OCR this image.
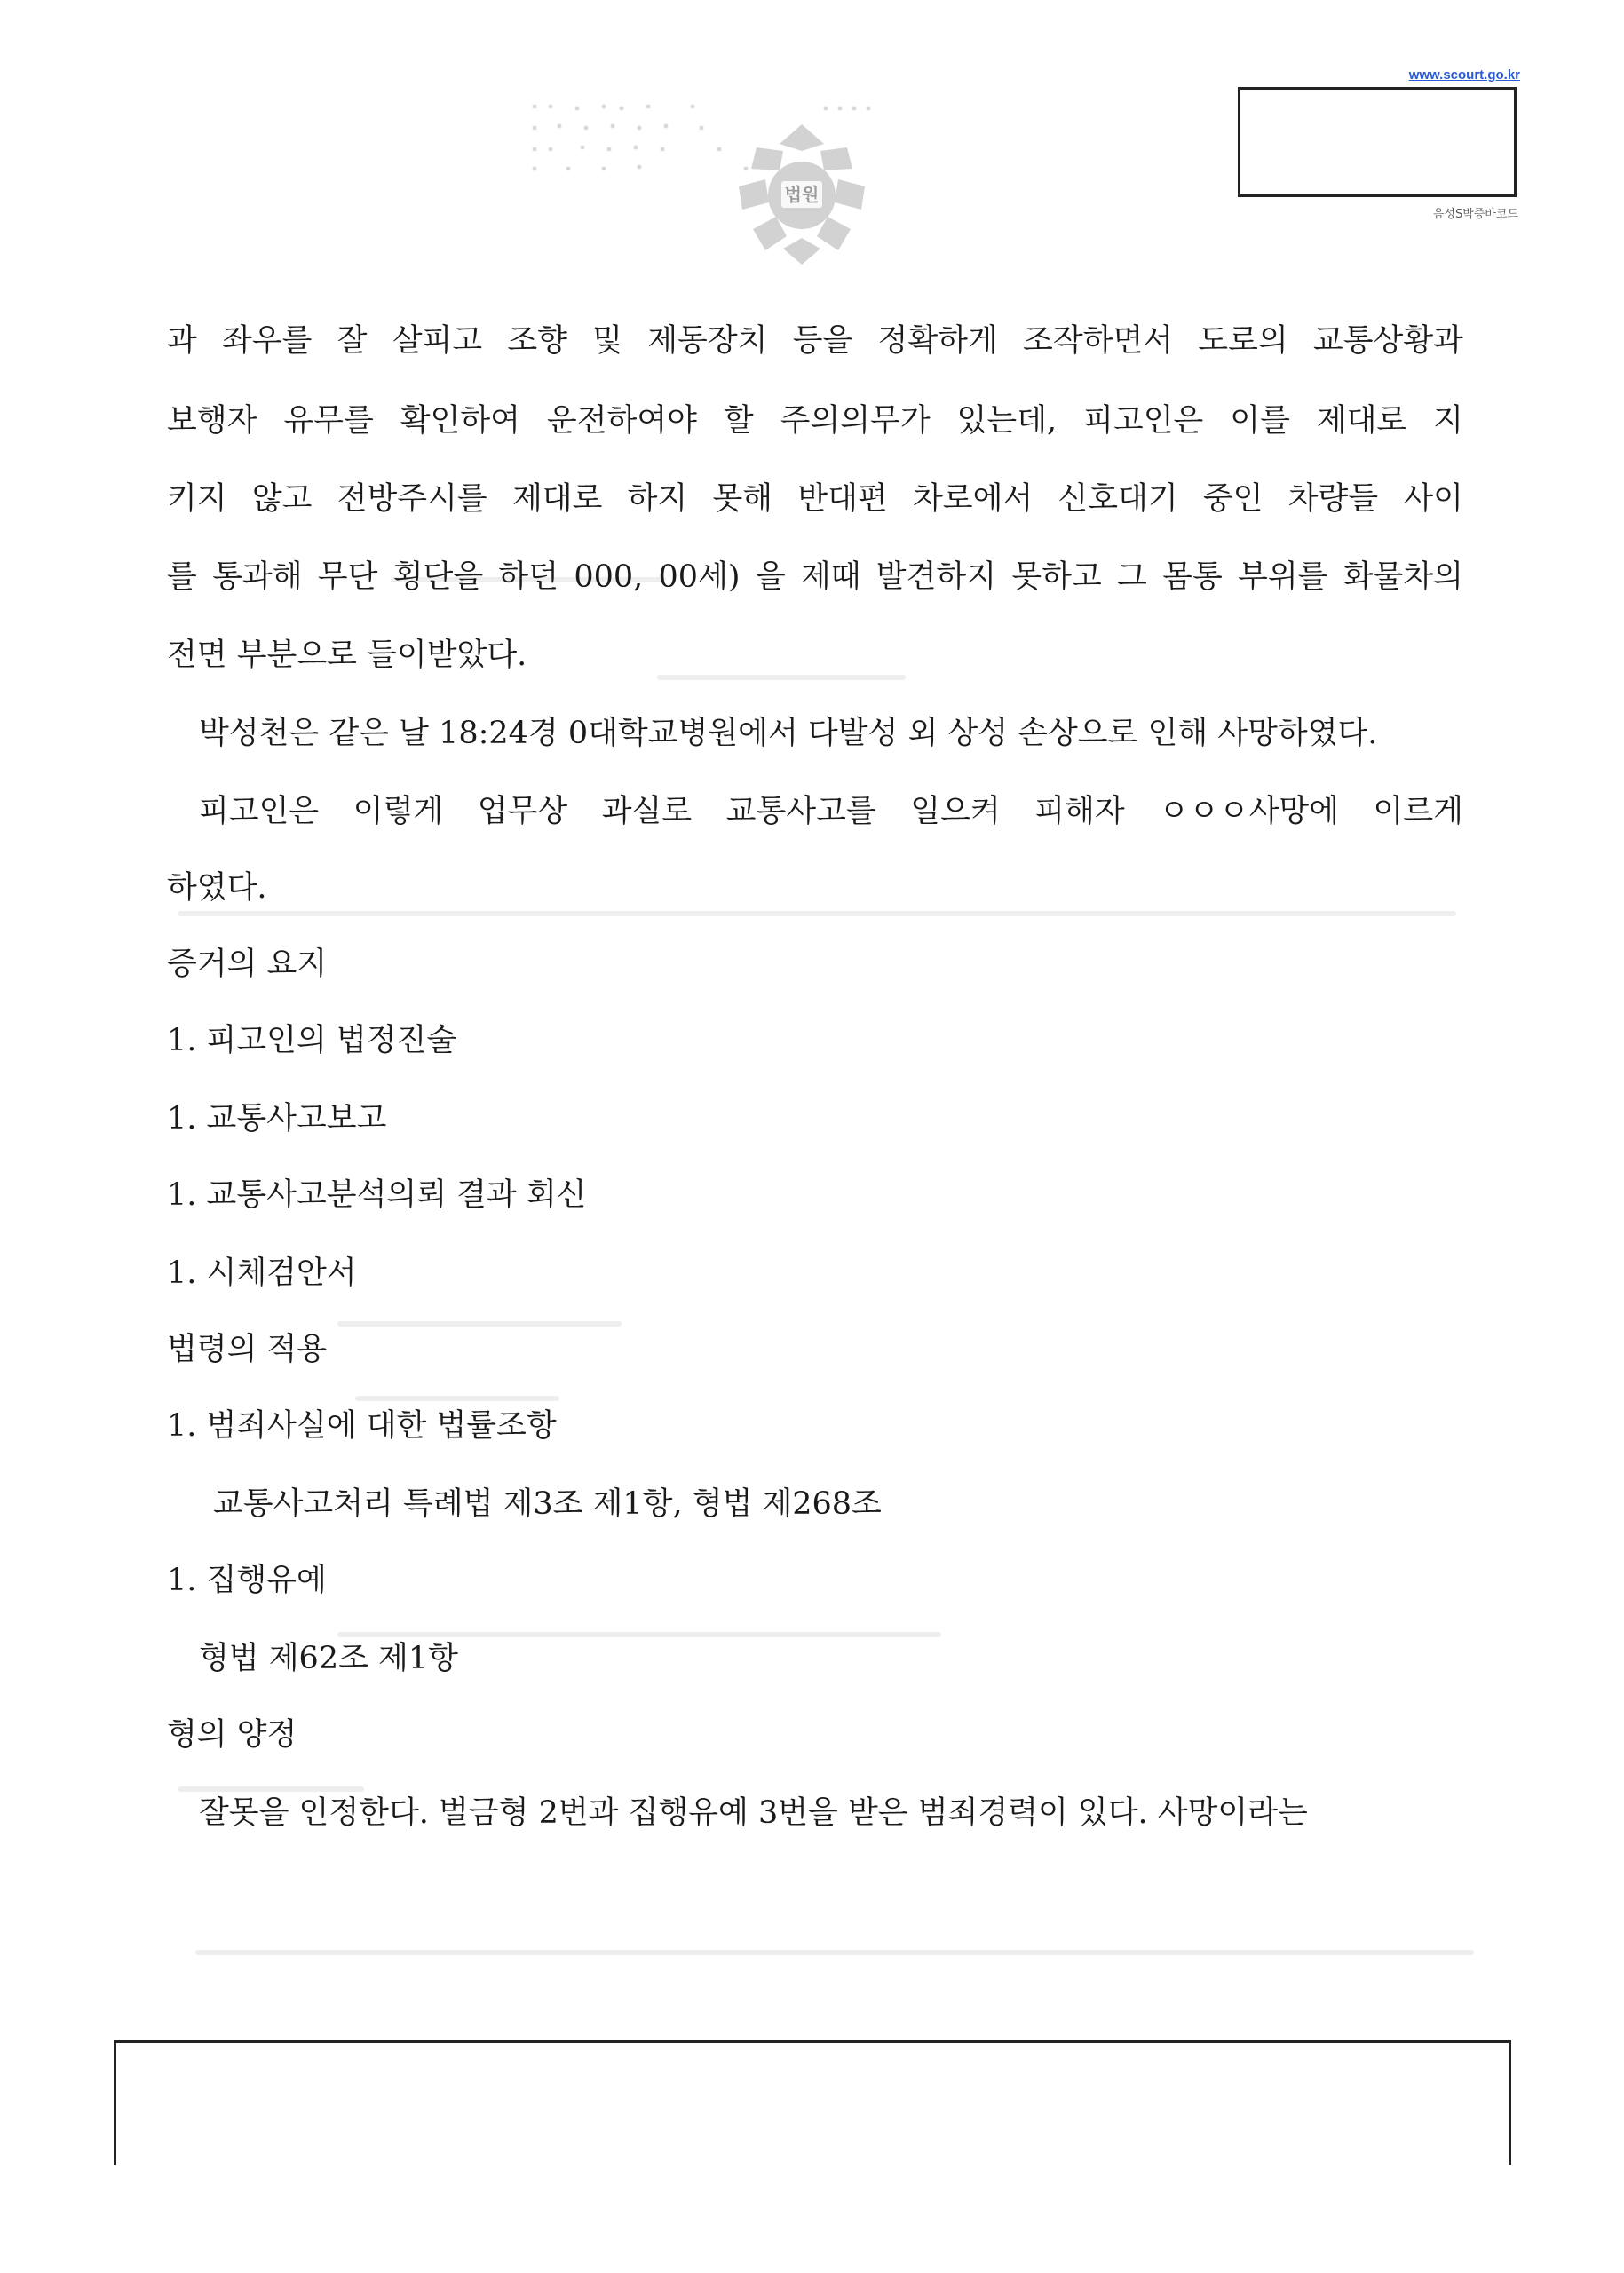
법원
www.scourt.go.kr
음성S박증바코드
과 좌우를 잘 살피고 조향 및 제동장치 등을 정확하게 조작하면서 도로의 교통상황과
보행자 유무를 확인하여 운전하여야 할 주의의무가 있는데, 피고인은 이를 제대로 지
키지 않고 전방주시를 제대로 하지 못해 반대편 차로에서 신호대기 중인 차량들 사이
를 통과해 무단 횡단을 하던 000, 00세) 을 제때 발견하지 못하고 그 몸통 부위를 화물차의
전면 부분으로 들이받았다.
박성천은 같은 날 18:24경 0대학교병원에서 다발성 외 상성 손상으로 인해 사망하였다.
피고인은 이렇게 업무상 과실로 교통사고를 일으켜 피해자 ㅇㅇㅇ사망에 이르게
하였다.
증거의 요지
1. 피고인의 법정진술
1. 교통사고보고
1. 교통사고분석의뢰 결과 회신
1. 시체검안서
법령의 적용
1. 범죄사실에 대한 법률조항
교통사고처리 특례법 제3조 제1항, 형법 제268조
1. 집행유예
형법 제62조 제1항
형의 양정
잘못을 인정한다. 벌금형 2번과 집행유예 3번을 받은 범죄경력이 있다. 사망이라는
